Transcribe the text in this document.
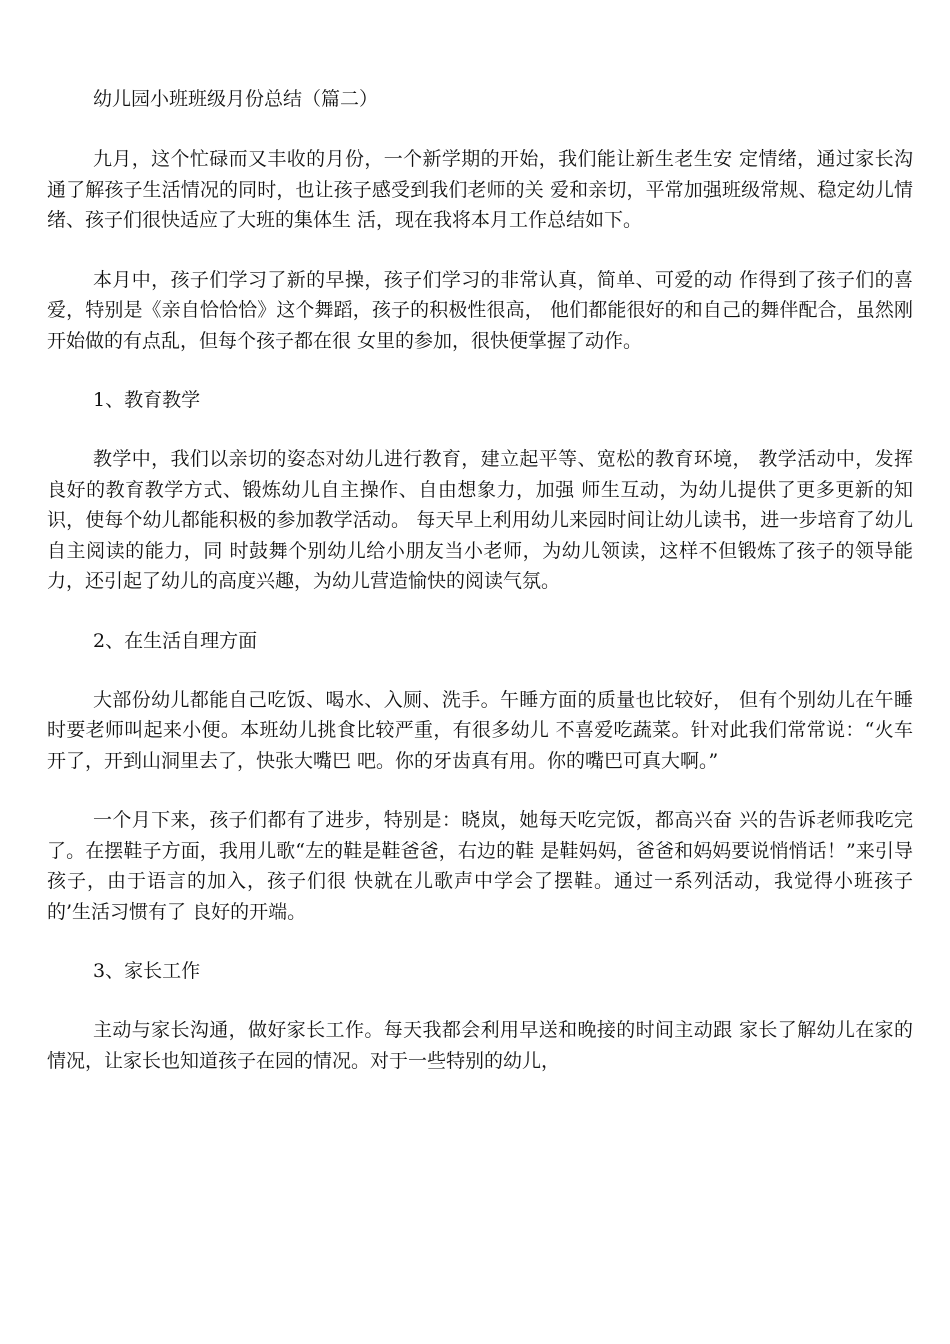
幼儿园小班班级月份总结（篇二）

九月，这个忙碌而又丰收的月份，一个新学期的开始，我们能让新生老生安 定情绪，通过家长沟通了解孩子生活情况的同时，也让孩子感受到我们老师的关 爱和亲切，平常加强班级常规、稳定幼儿情绪、孩子们很快适应了大班的集体生 活，现在我将本月工作总结如下。

本月中，孩子们学习了新的早操，孩子们学习的非常认真，简单、可爱的动 作得到了孩子们的喜爱，特别是《亲自恰恰恰》这个舞蹈，孩子的积极性很高， 他们都能很好的和自己的舞伴配合，虽然刚开始做的有点乱，但每个孩子都在很 女里的参加，很快便掌握了动作。

1、教育教学

教学中，我们以亲切的姿态对幼儿进行教育，建立起平等、宽松的教育环境， 教学活动中，发挥良好的教育教学方式、锻炼幼儿自主操作、自由想象力，加强 师生互动，为幼儿提供了更多更新的知识，使每个幼儿都能积极的参加教学活动。 每天早上利用幼儿来园时间让幼儿读书，进一步培育了幼儿自主阅读的能力，同 时鼓舞个别幼儿给小朋友当小老师，为幼儿领读，这样不但锻炼了孩子的领导能 力，还引起了幼儿的高度兴趣，为幼儿营造愉快的阅读气氛。

2、在生活自理方面

大部份幼儿都能自己吃饭、喝水、入厕、洗手。午睡方面的质量也比较好， 但有个别幼儿在午睡时要老师叫起来小便。本班幼儿挑食比较严重，有很多幼儿 不喜爱吃蔬菜。针对此我们常常说：“火车开了，开到山洞里去了，快张大嘴巴 吧。你的牙齿真有用。你的嘴巴可真大啊。”

一个月下来，孩子们都有了进步，特别是：晓岚，她每天吃完饭，都高兴奋 兴的告诉老师我吃完了。在摆鞋子方面，我用儿歌“左的鞋是鞋爸爸，右边的鞋 是鞋妈妈，爸爸和妈妈要说悄悄话！”来引导孩子，由于语言的加入，孩子们很 快就在儿歌声中学会了摆鞋。通过一系列活动，我觉得小班孩子的’生活习惯有了 良好的开端。

3、家长工作

主动与家长沟通，做好家长工作。每天我都会利用早送和晚接的时间主动跟 家长了解幼儿在家的情况，让家长也知道孩子在园的情况。对于一些特别的幼儿，
